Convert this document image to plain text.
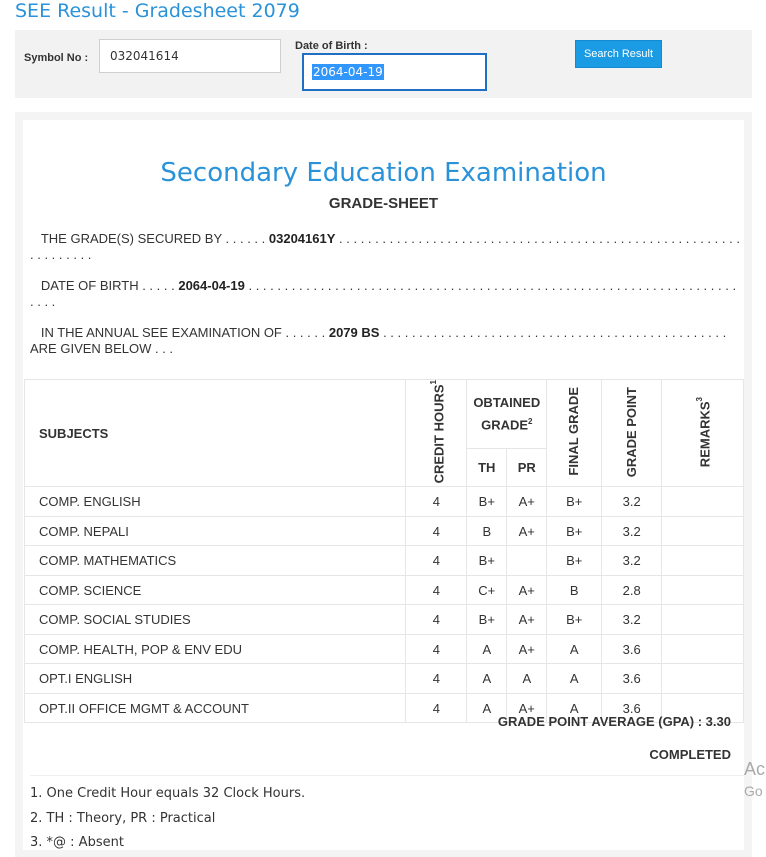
SEE Result - Gradesheet 2079
Symbol No :
032041614
Date of Birth :
2064-04-19
Search Result
Secondary Education Examination
GRADE-SHEET
THE GRADE(S) SECURED BY . . . . . . 03204161Y . . . . . . . . . . . . . . . . . . . . . . . . . . . . . . . . . . . . . . . . . . . . . . . . . . . . . . . . . . . . . . . . .
DATE OF BIRTH . . . . . 2064-04-19 . . . . . . . . . . . . . . . . . . . . . . . . . . . . . . . . . . . . . . . . . . . . . . . . . . . . . . . . . . . . . . . . . . . . . . . .
IN THE ANNUAL SEE EXAMINATION OF . . . . . . 2079 BS . . . . . . . . . . . . . . . . . . . . . . . . . . . . . . . . . . . . . . . . . . . . . . . . ARE GIVEN BELOW . . .
SUBJECTS	CREDIT HOURS$^1$	OBTAINED GRADE$^2$		FINAL GRADE	GRADE POINT	REMARKS$^3$
		TH	PR			
COMP. ENGLISH	4	B+	A+	B+	3.2	
COMP. NEPALI	4	B	A+	B+	3.2	
COMP. MATHEMATICS	4	B+		B+	3.2	
COMP. SCIENCE	4	C+	A+	B	2.8	
COMP. SOCIAL STUDIES	4	B+	A+	B+	3.2	
COMP. HEALTH, POP & ENV EDU	4	A	A+	A	3.6	
OPT.I ENGLISH	4	A	A	A	3.6	
OPT.II OFFICE MGMT & ACCOUNT	4	A	A+	A	3.6	
GRADE POINT AVERAGE (GPA) : 3.30
COMPLETED
1. One Credit Hour equals 32 Clock Hours.
2. TH : Theory, PR : Practical
3. *@ : Absent
Ac
Go
